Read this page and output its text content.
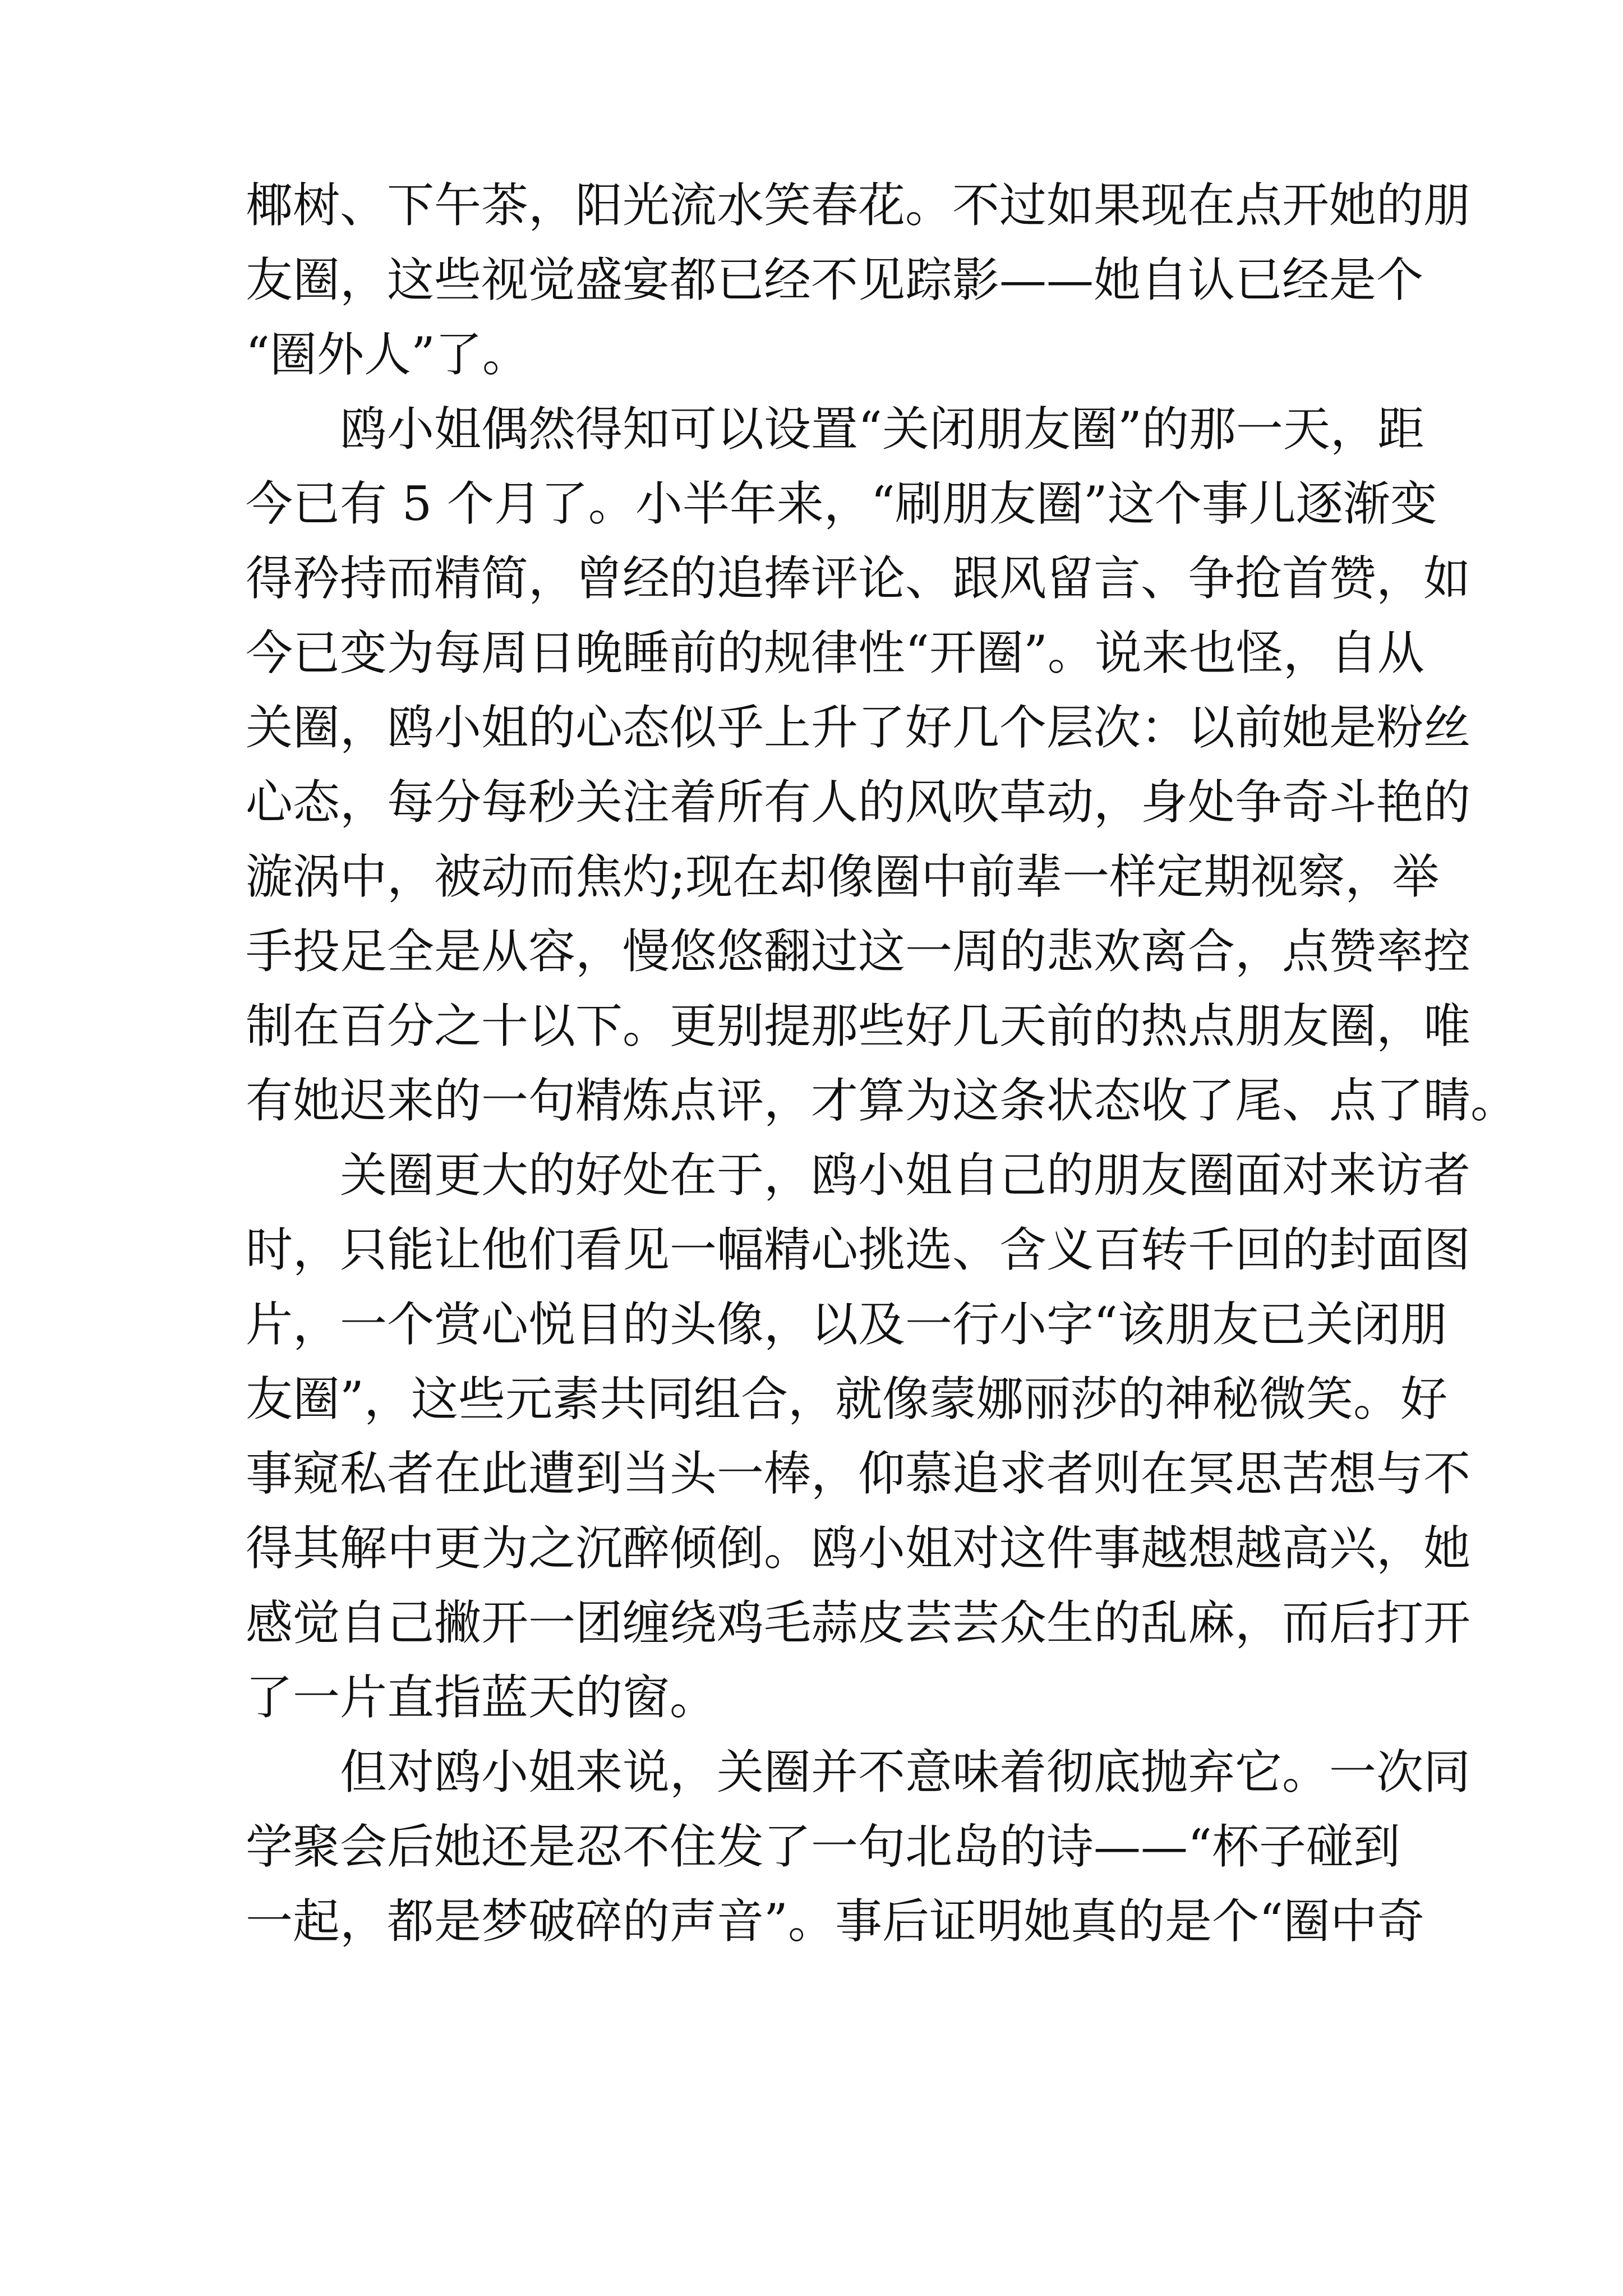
椰树、下午茶，阳光流水笑春花。不过如果现在点开她的朋
友圈，这些视觉盛宴都已经不见踪影——她自认已经是个
“圈外人”了。
鸥小姐偶然得知可以设置“关闭朋友圈”的那一天，距
今已有 5 个月了。小半年来，“刷朋友圈”这个事儿逐渐变
得矜持而精简，曾经的追捧评论、跟风留言、争抢首赞，如
今已变为每周日晚睡前的规律性“开圈”。说来也怪，自从
关圈，鸥小姐的心态似乎上升了好几个层次：以前她是粉丝
心态，每分每秒关注着所有人的风吹草动，身处争奇斗艳的
漩涡中，被动而焦灼;现在却像圈中前辈一样定期视察，举
手投足全是从容，慢悠悠翻过这一周的悲欢离合，点赞率控
制在百分之十以下。更别提那些好几天前的热点朋友圈，唯
有她迟来的一句精炼点评，才算为这条状态收了尾、点了睛。
关圈更大的好处在于，鸥小姐自己的朋友圈面对来访者
时，只能让他们看见一幅精心挑选、含义百转千回的封面图
片，一个赏心悦目的头像，以及一行小字“该朋友已关闭朋
友圈”，这些元素共同组合，就像蒙娜丽莎的神秘微笑。好
事窥私者在此遭到当头一棒，仰慕追求者则在冥思苦想与不
得其解中更为之沉醉倾倒。鸥小姐对这件事越想越高兴，她
感觉自己撇开一团缠绕鸡毛蒜皮芸芸众生的乱麻，而后打开
了一片直指蓝天的窗。
但对鸥小姐来说，关圈并不意味着彻底抛弃它。一次同
学聚会后她还是忍不住发了一句北岛的诗——“杯子碰到
一起，都是梦破碎的声音”。事后证明她真的是个“圈中奇
